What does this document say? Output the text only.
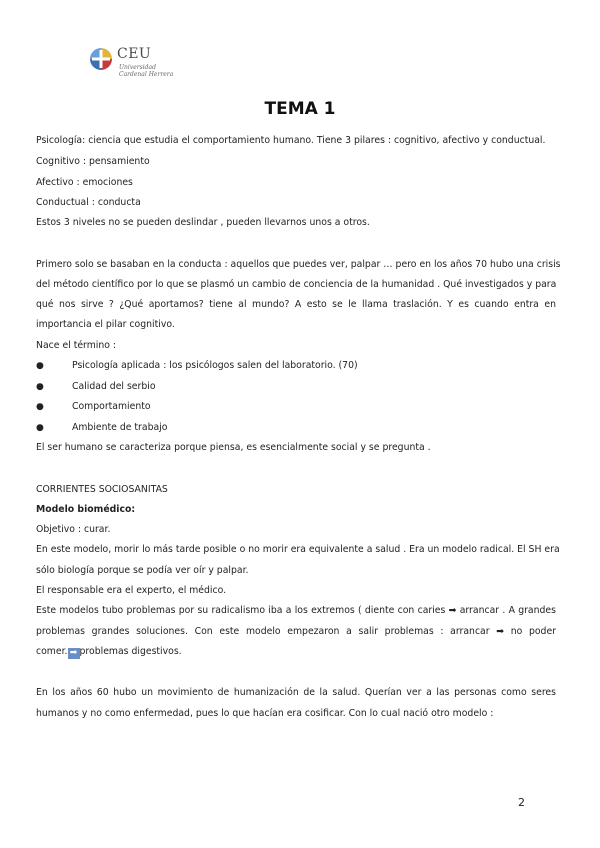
CEU
Universidad
Cardenal Herrera
TEMA 1
Psicología: ciencia que estudia el comportamiento humano. Tiene 3 pilares : cognitivo, afectivo y conductual.
Cognitivo : pensamiento
Afectivo : emociones
Conductual : conducta
Estos 3 niveles no se pueden deslindar , pueden llevarnos unos a otros.
Primero solo se basaban en la conducta : aquellos que puedes ver, palpar … pero en los años 70 hubo una crisis
del método científico por lo que se plasmó un cambio de conciencia de la humanidad . Qué investigados y para
qué nos sirve ? ¿Qué aportamos? tiene al mundo? A esto se le llama traslación. Y es cuando entra en
importancia el pilar cognitivo.
Nace el término :
●	Psicología aplicada : los psicólogos salen del laboratorio. (70)
●	Calidad del serbio
●	Comportamiento
●	Ambiente de trabajo
El ser humano se caracteriza porque piensa, es esencialmente social y se pregunta .
CORRIENTES SOCIOSANITAS
Modelo biomédico:
Objetivo : curar.
En este modelo, morir lo más tarde posible o no morir era equivalente a salud . Era un modelo radical. El SH era
sólo biología porque se podía ver oír y palpar.
El responsable era el experto, el médico.
Este modelos tubo problemas por su radicalismo iba a los extremos ( diente con caries ➡ arrancar . A grandes
problemas grandes soluciones. Con este modelo empezaron a salir problemas : arrancar ➡ no poder
comer. ➡ problemas digestivos.
En los años 60 hubo un movimiento de humanización de la salud. Querían ver a las personas como seres
humanos y no como enfermedad, pues lo que hacían era cosificar. Con lo cual nació otro modelo :
2
